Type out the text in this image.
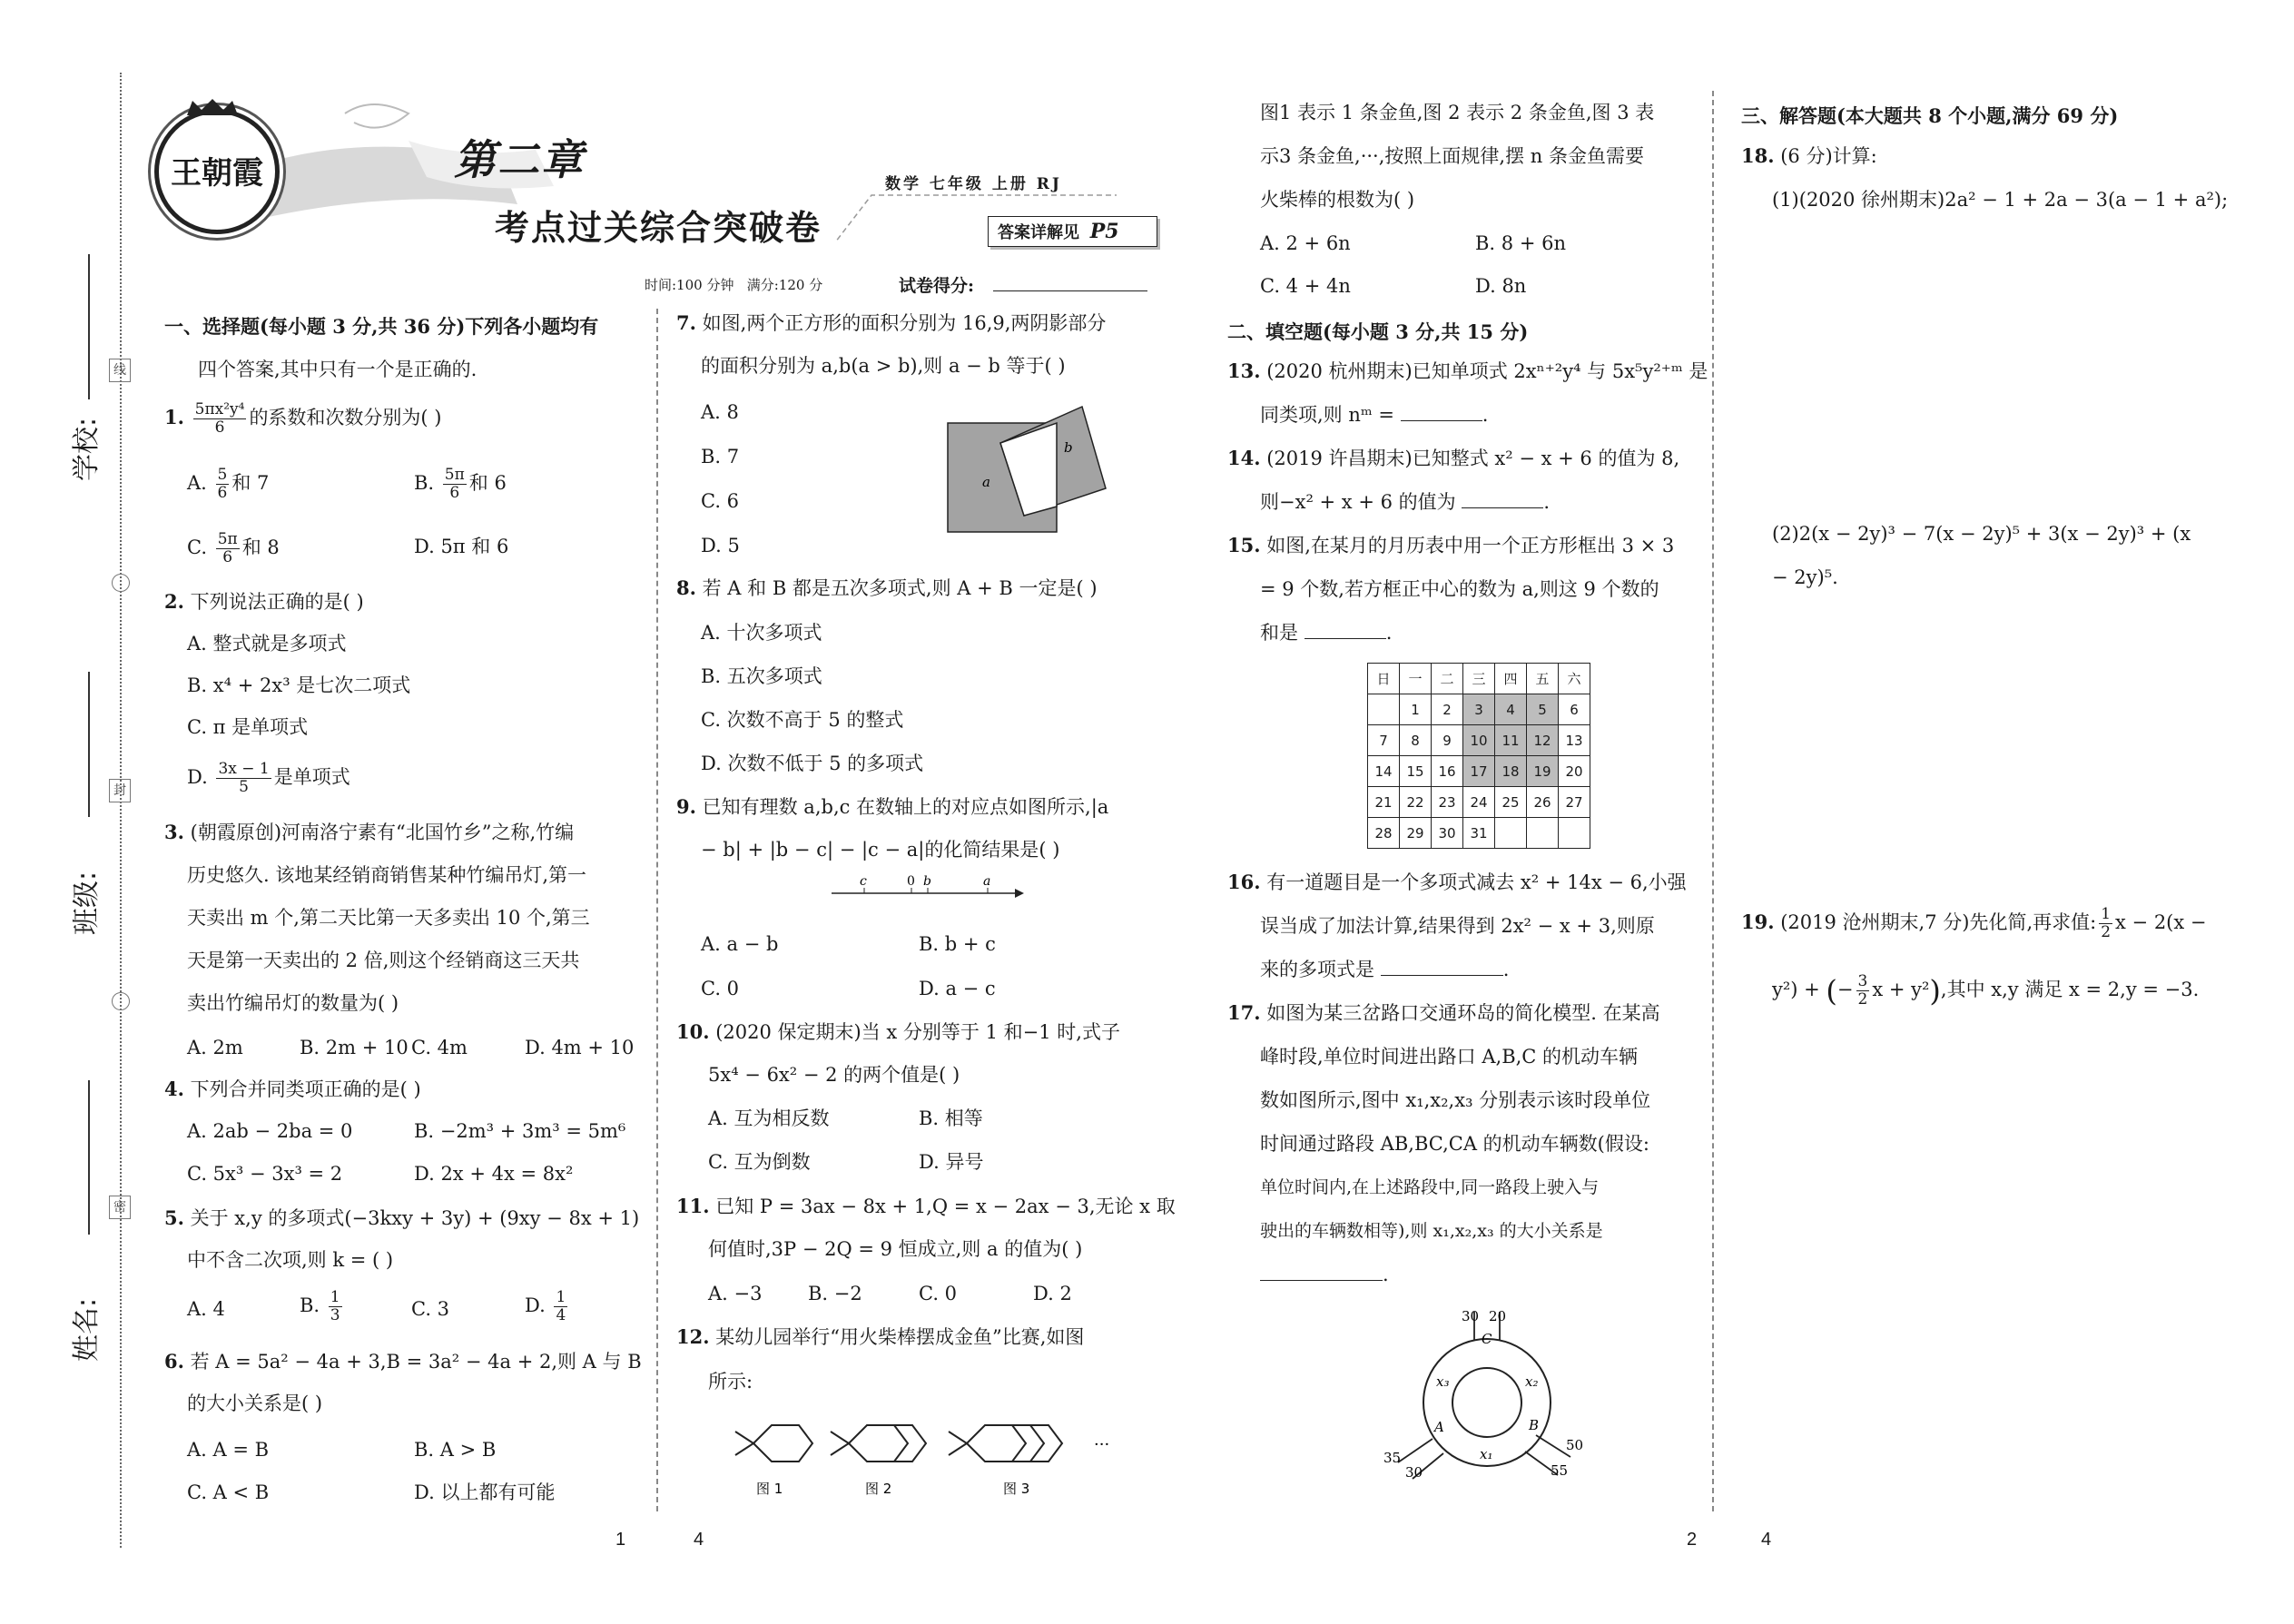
学校:
班级:
姓名:
线
封
密
王朝霞	第二章
考点过关综合突破卷
数学 七年级 上册 RJ
答案详解见 P5
时间:100 分钟   满分:120 分	试卷得分:
一、选择题(每小题 3 分,共 36 分)下列各小题均有
四个答案,其中只有一个是正确的.
1. $\frac{\text{5πx²y⁴}}{6}$ 的系数和次数分别为( )
A. $\frac{5}{6}$ 和 7	B. $\frac{5\pi}{6}$ 和 6
C. $\frac{5\pi}{6}$ 和 8	D. 5π 和 6
2. 下列说法正确的是( )
A. 整式就是多项式
B. x⁴ + 2x³ 是七次二项式
C. π 是单项式
D. $\frac{3x - 1}{5}$ 是单项式
3. (朝霞原创)河南洛宁素有“北国竹乡”之称,竹编
历史悠久. 该地某经销商销售某种竹编吊灯,第一
天卖出 m 个,第二天比第一天多卖出 10 个,第三
天是第一天卖出的 2 倍,则这个经销商这三天共
卖出竹编吊灯的数量为( )
A. 2m	B. 2m + 10 C. 4m	D. 4m + 10
4. 下列合并同类项正确的是( )
A. 2ab − 2ba = 0	B. −2m³ + 3m³ = 5m⁶
C. 5x³ − 3x³ = 2	D. 2x + 4x = 8x²
5. 关于 x,y 的多项式(−3kxy + 3y) + (9xy − 8x + 1)
中不含二次项,则 k = ( )
A. 4	B. $\frac{1}{3}$	C. 3	D. $\frac{1}{4}$
6. 若 A = 5a² − 4a + 3,B = 3a² − 4a + 2,则 A 与 B
的大小关系是( )
A. A = B	B. A > B
C. A < B	D. 以上都有可能
7. 如图,两个正方形的面积分别为 16,9,两阴影部分
的面积分别为 a,b(a > b),则 a − b 等于( )
A. 8
B. 7
C. 6
D. 5
a
b
8. 若 A 和 B 都是五次多项式,则 A + B 一定是( )
A. 十次多项式
B. 五次多项式
C. 次数不高于 5 的整式
D. 次数不低于 5 的多项式
9. 已知有理数 a,b,c 在数轴上的对应点如图所示,|a
− b| + |b − c| − |c − a|的化简结果是( )
c	0 b	a
A. a − b	B. b + c
C. 0	D. a − c
10. (2020 保定期末)当 x 分别等于 1 和−1 时,式子
5x⁴ − 6x² − 2 的两个值是( )
A. 互为相反数	B. 相等
C. 互为倒数	D. 异号
11. 已知 P = 3ax − 8x + 1,Q = x − 2ax − 3,无论 x 取
何值时,3P − 2Q = 9 恒成立,则 a 的值为( )
A. −3 B. −2	C. 0	D. 2
12. 某幼儿园举行“用火柴棒摆成金鱼”比赛,如图
所示:
···
图 1	图 2	图 3
图1 表示 1 条金鱼,图 2 表示 2 条金鱼,图 3 表
示3 条金鱼,···,按照上面规律,摆 n 条金鱼需要
火柴棒的根数为( )
A. 2 + 6n	B. 8 + 6n
C. 4 + 4n	D. 8n
二、填空题(每小题 3 分,共 15 分)
13. (2020 杭州期末)已知单项式 2xⁿ⁺²y⁴ 与 5x⁵y²⁺ᵐ 是
同类项,则 nᵐ =	.
14. (2019 许昌期末)已知整式 x² − x + 6 的值为 8,
则−x² + x + 6 的值为	.
15. 如图,在某月的月历表中用一个正方形框出 3 × 3
= 9 个数,若方框正中心的数为 a,则这 9 个数的
和是	.
日	一	二	三	四	五	六
	1	2	3	4	5	6
7	8	9	10	11	12	13
14	15	16	17	18	19	20
21	22	23	24	25	26	27
28	29	30	31			
16. 有一道题目是一个多项式减去 x² + 14x − 6,小强
误当成了加法计算,结果得到 2x² − x + 3,则原
来的多项式是	.
17. 如图为某三岔路口交通环岛的简化模型. 在某高
峰时段,单位时间进出路口 A,B,C 的机动车辆
数如图所示,图中 x₁,x₂,x₃ 分别表示该时段单位
时间通过路段 AB,BC,CA 的机动车辆数(假设:
单位时间内,在上述路段中,同一路段上驶入与
驶出的车辆数相等),则 x₁,x₂,x₃ 的大小关系是
.
30 20
35
30
50
55
C
A	B
x₃	x₂
x₁
三、解答题(本大题共 8 个小题,满分 69 分)
18. (6 分)计算:
(1)(2020 徐州期末)2a² − 1 + 2a − 3(a − 1 + a²);
(2)2(x − 2y)³ − 7(x − 2y)⁵ + 3(x − 2y)³ + (x
− 2y)⁵.
19. (2019 沧州期末,7 分)先化简,再求值: $\frac{1}{2}$ x − 2(x −
y²) + (− $\frac{3}{2}$ x + y²),其中 x,y 满足 x = 2,y = −3.
1	4	2	4
